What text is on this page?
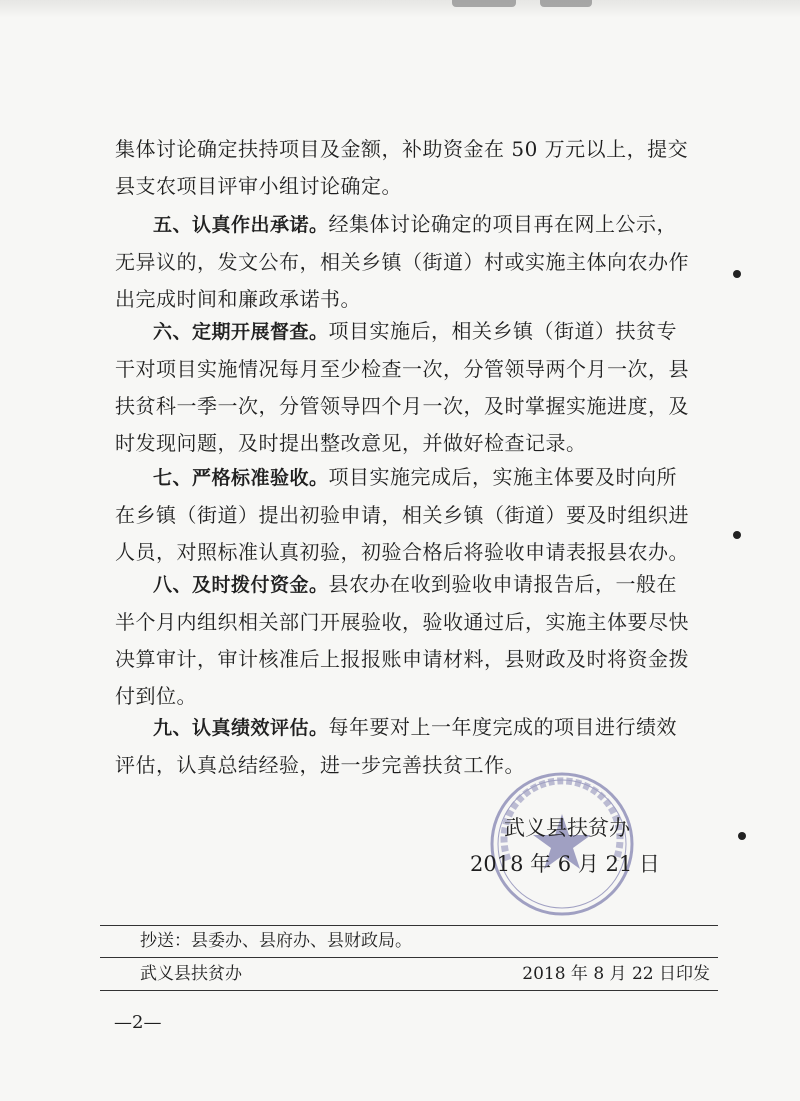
集体讨论确定扶持项目及金额，补助资金在 50 万元以上，提交
县支农项目评审小组讨论确定。
五、认真作出承诺。经集体讨论确定的项目再在网上公示，
无异议的，发文公布，相关乡镇（街道）村或实施主体向农办作
出完成时间和廉政承诺书。
六、定期开展督查。项目实施后，相关乡镇（街道）扶贫专
干对项目实施情况每月至少检查一次，分管领导两个月一次，县
扶贫科一季一次，分管领导四个月一次，及时掌握实施进度，及
时发现问题，及时提出整改意见，并做好检查记录。
七、严格标准验收。项目实施完成后，实施主体要及时向所
在乡镇（街道）提出初验申请，相关乡镇（街道）要及时组织进
人员，对照标准认真初验，初验合格后将验收申请表报县农办。
八、及时拨付资金。县农办在收到验收申请报告后，一般在
半个月内组织相关部门开展验收，验收通过后，实施主体要尽快
决算审计，审计核准后上报报账申请材料，县财政及时将资金拨
付到位。
九、认真绩效评估。每年要对上一年度完成的项目进行绩效
评估，认真总结经验，进一步完善扶贫工作。
武义县扶贫办
2018 年 6 月 21 日
抄送：县委办、县府办、县财政局。
武义县扶贫办	2018 年 8 月 22 日印发
—2—
